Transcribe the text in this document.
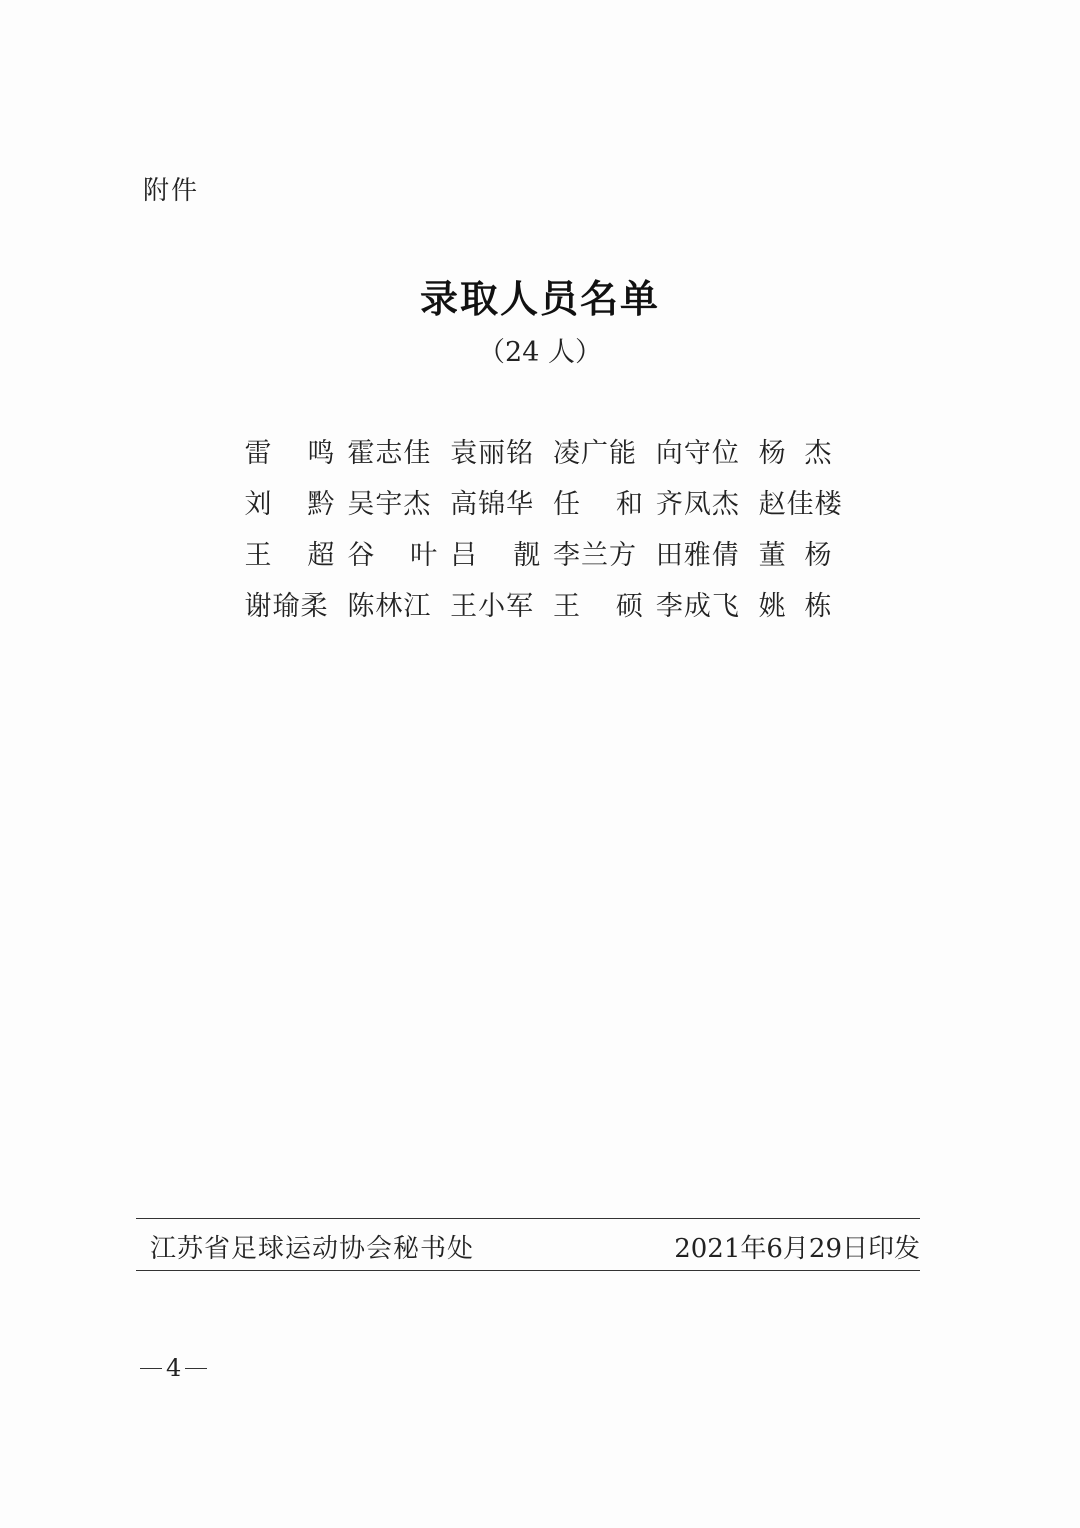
附件
录取人员名单
（24 人）
雷 鸣 霍 志 佳 袁 丽 铭 凌 广 能 向 守 位 杨 杰
刘 黔 吴 宇 杰 高 锦 华 任 和 齐 凤 杰 赵 佳 楼
王 超 谷 叶 吕 靓 李 兰 方 田 雅 倩 董 杨
谢 瑜 柔 陈 林 江 王 小 军 王 硕 李 成 飞 姚 栋
江苏省足球运动协会秘书处	2021年6月29日印发
4
